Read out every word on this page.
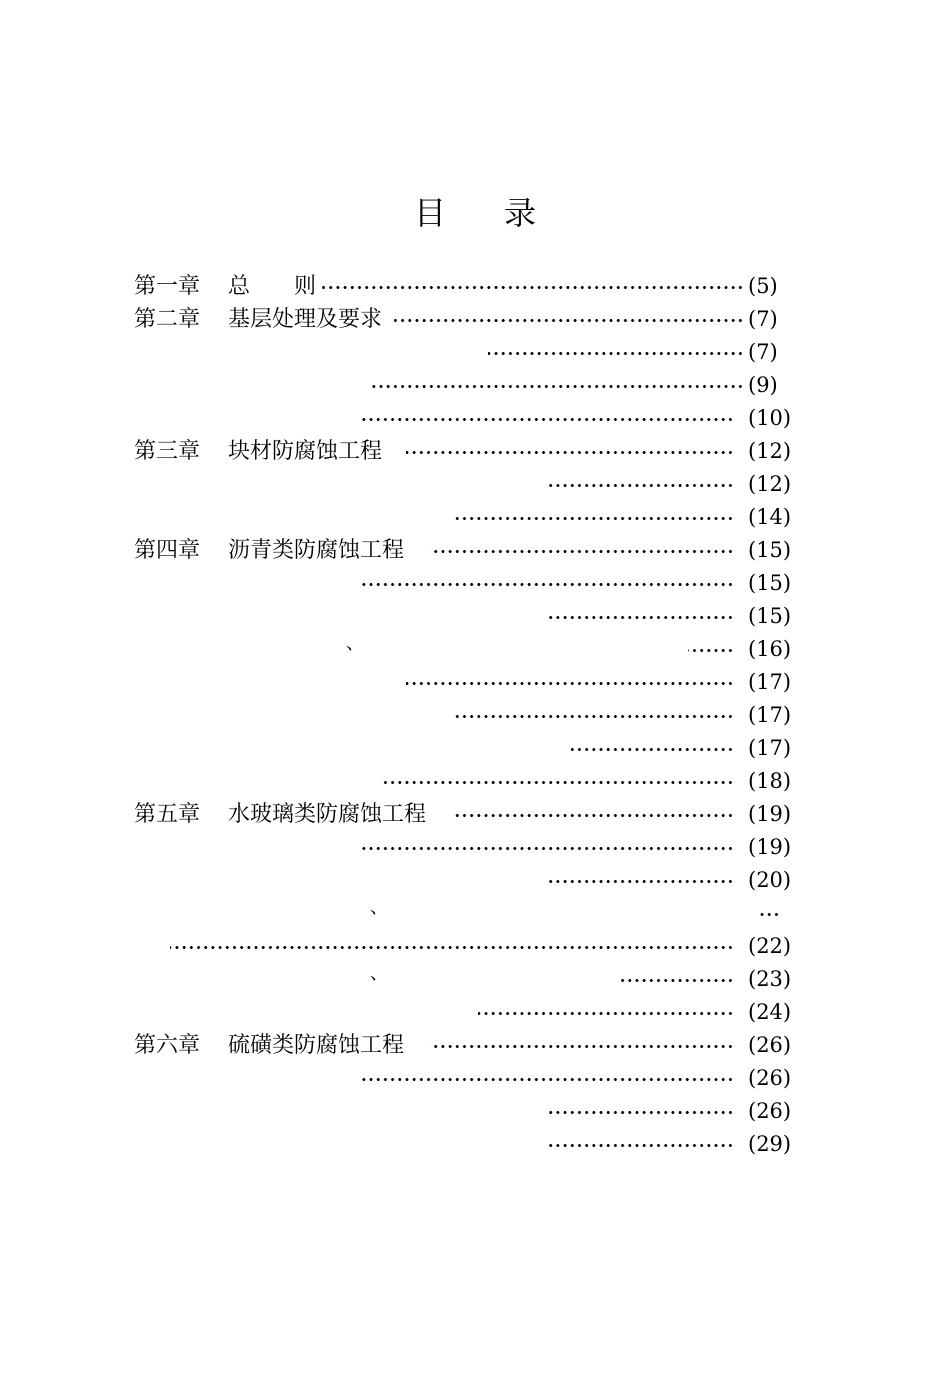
目 录
第一章 总　　则	(5)
第二章 基层处理及要求	(7)
(7)
(9)
(10)
第三章 块材防腐蚀工程	(12)
(12)
(14)
第四章 沥青类防腐蚀工程	(15)
(15)
(15)
、	(16)
(17)
(17)
(17)
(18)
第五章 水玻璃类防腐蚀工程	(19)
(19)
(20)
、
(22)
、	(23)
(24)
第六章 硫磺类防腐蚀工程	(26)
(26)
(26)
(29)
